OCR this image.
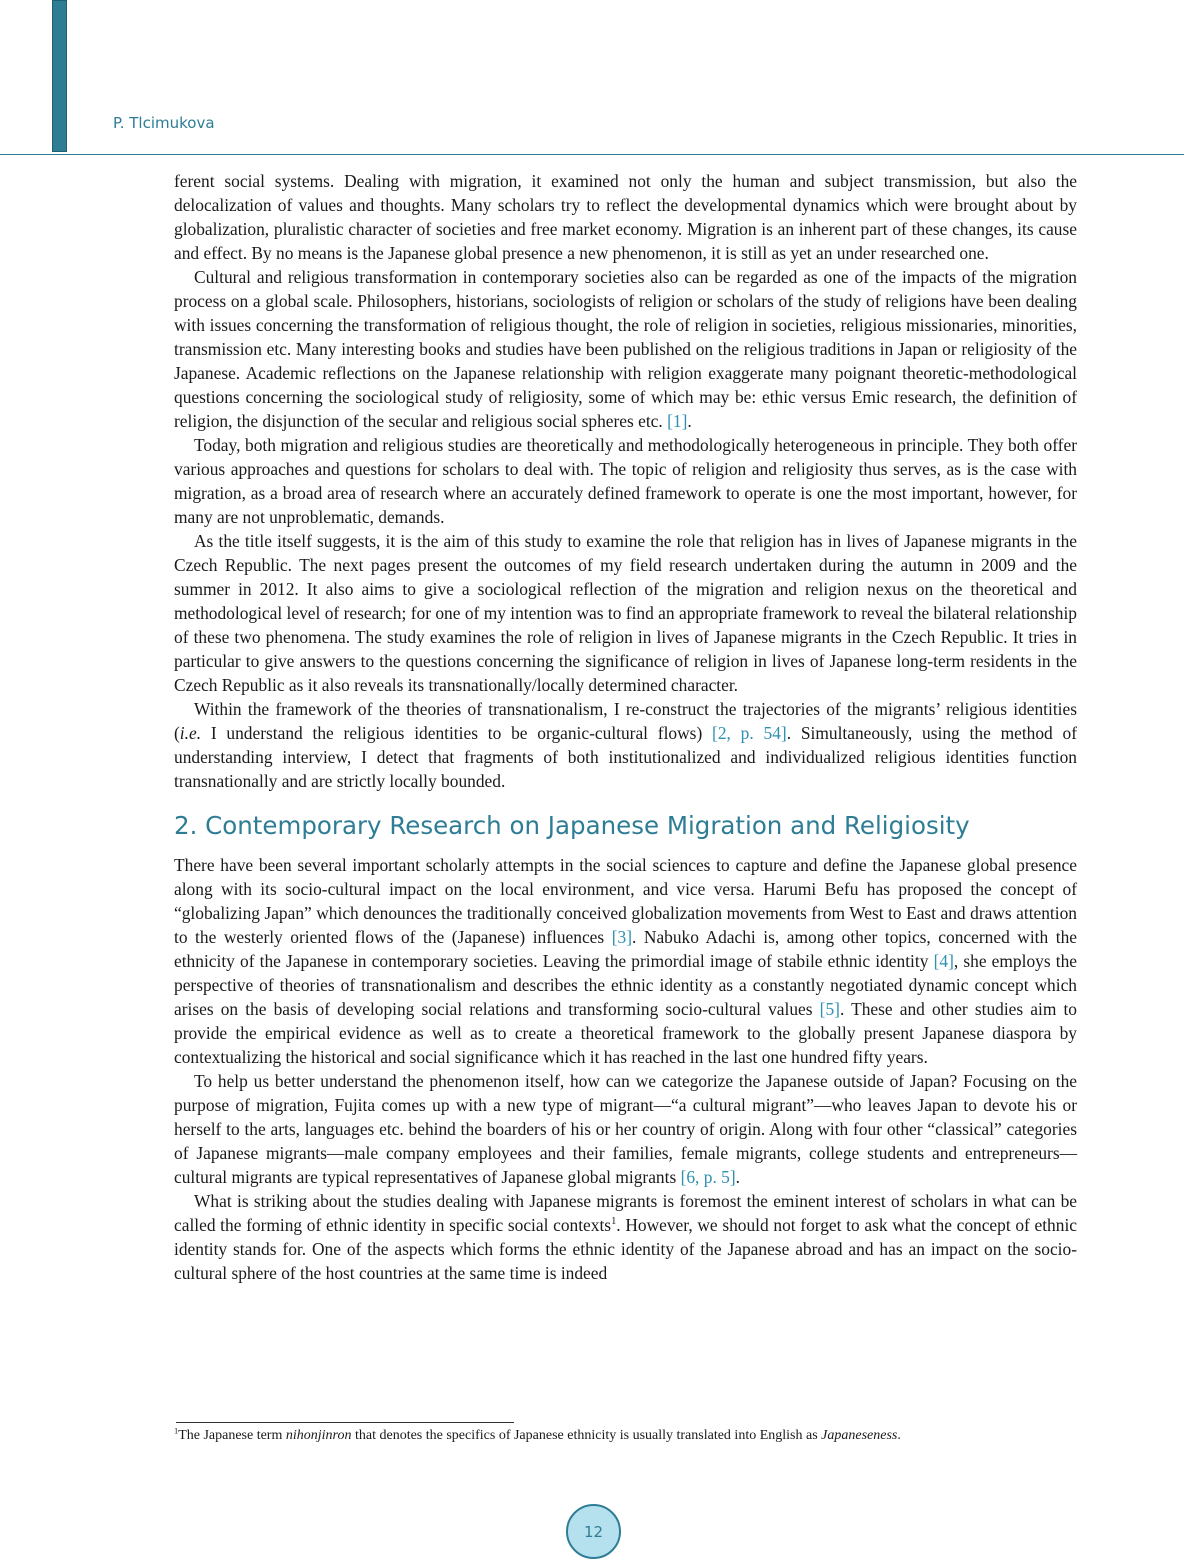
P. Tlcimukova

ferent social systems. Dealing with migration, it examined not only the human and subject transmission, but also the delocalization of values and thoughts. Many scholars try to reflect the developmental dynamics which were brought about by globalization, pluralistic character of societies and free market economy. Migration is an inherent part of these changes, its cause and effect. By no means is the Japanese global presence a new phenomenon, it is still as yet an under researched one.

Cultural and religious transformation in contemporary societies also can be regarded as one of the impacts of the migration process on a global scale. Philosophers, historians, sociologists of religion or scholars of the study of religions have been dealing with issues concerning the transformation of religious thought, the role of religion in societies, religious missionaries, minorities, transmission etc. Many interesting books and studies have been published on the religious traditions in Japan or religiosity of the Japanese. Academic reflections on the Japanese relationship with religion exaggerate many poignant theoretic-methodological questions concerning the sociological study of religiosity, some of which may be: ethic versus Emic research, the definition of religion, the disjunction of the secular and religious social spheres etc. [1].

Today, both migration and religious studies are theoretically and methodologically heterogeneous in principle. They both offer various approaches and questions for scholars to deal with. The topic of religion and religiosity thus serves, as is the case with migration, as a broad area of research where an accurately defined framework to operate is one the most important, however, for many are not unproblematic, demands.

As the title itself suggests, it is the aim of this study to examine the role that religion has in lives of Japanese migrants in the Czech Republic. The next pages present the outcomes of my field research undertaken during the autumn in 2009 and the summer in 2012. It also aims to give a sociological reflection of the migration and religion nexus on the theoretical and methodological level of research; for one of my intention was to find an appropriate framework to reveal the bilateral relationship of these two phenomena. The study examines the role of religion in lives of Japanese migrants in the Czech Republic. It tries in particular to give answers to the questions concerning the significance of religion in lives of Japanese long-term residents in the Czech Republic as it also reveals its transnationally/locally determined character.

Within the framework of the theories of transnationalism, I re-construct the trajectories of the migrants’ religious identities (i.e. I understand the religious identities to be organic-cultural flows) [2, p. 54]. Simultaneously, using the method of understanding interview, I detect that fragments of both institutionalized and individualized religious identities function transnationally and are strictly locally bounded.

2. Contemporary Research on Japanese Migration and Religiosity

There have been several important scholarly attempts in the social sciences to capture and define the Japanese global presence along with its socio-cultural impact on the local environment, and vice versa. Harumi Befu has proposed the concept of “globalizing Japan” which denounces the traditionally conceived globalization movements from West to East and draws attention to the westerly oriented flows of the (Japanese) influences [3]. Nabuko Adachi is, among other topics, concerned with the ethnicity of the Japanese in contemporary societies. Leaving the primordial image of stabile ethnic identity [4], she employs the perspective of theories of transnationalism and describes the ethnic identity as a constantly negotiated dynamic concept which arises on the basis of developing social relations and transforming socio-cultural values [5]. These and other studies aim to provide the empirical evidence as well as to create a theoretical framework to the globally present Japanese diaspora by contextualizing the historical and social significance which it has reached in the last one hundred fifty years.

To help us better understand the phenomenon itself, how can we categorize the Japanese outside of Japan? Focusing on the purpose of migration, Fujita comes up with a new type of migrant—“a cultural migrant”—who leaves Japan to devote his or herself to the arts, languages etc. behind the boarders of his or her country of origin. Along with four other “classical” categories of Japanese migrants—male company employees and their families, female migrants, college students and entrepreneurs—cultural migrants are typical representatives of Japanese global migrants [6, p. 5].

What is striking about the studies dealing with Japanese migrants is foremost the eminent interest of scholars in what can be called the forming of ethnic identity in specific social contexts$^1$. However, we should not forget to ask what the concept of ethnic identity stands for. One of the aspects which forms the ethnic identity of the Japanese abroad and has an impact on the socio-cultural sphere of the host countries at the same time is indeed

$^1$The Japanese term nihonjinron that denotes the specifics of Japanese ethnicity is usually translated into English as Japaneseness.
12
